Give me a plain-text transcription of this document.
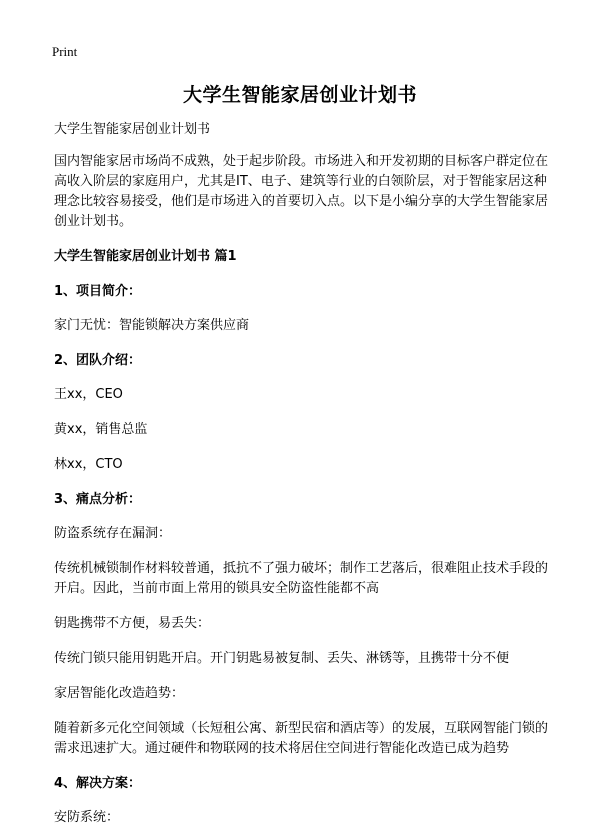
Print
大学生智能家居创业计划书

大学生智能家居创业计划书

国内智能家居市场尚不成熟，处于起步阶段。市场进入和开发初期的目标客户群定位在高收入阶层的家庭用户，尤其是IT、电子、建筑等行业的白领阶层，对于智能家居这种理念比较容易接受，他们是市场进入的首要切入点。以下是小编分享的大学生智能家居创业计划书。

大学生智能家居创业计划书 篇1

1、项目简介：

家门无忧：智能锁解决方案供应商

2、团队介绍：

王xx，CEO

黄xx，销售总监

林xx，CTO

3、痛点分析：

防盗系统存在漏洞：

传统机械锁制作材料较普通，抵抗不了强力破坏；制作工艺落后，很难阻止技术手段的开启。因此，当前市面上常用的锁具安全防盗性能都不高

钥匙携带不方便，易丢失：

传统门锁只能用钥匙开启。开门钥匙易被复制、丢失、淋锈等，且携带十分不便

家居智能化改造趋势：

随着新多元化空间领域（长短租公寓、新型民宿和酒店等）的发展，互联网智能门锁的需求迅速扩大。通过硬件和物联网的技术将居住空间进行智能化改造已成为趋势

4、解决方案：

安防系统：
